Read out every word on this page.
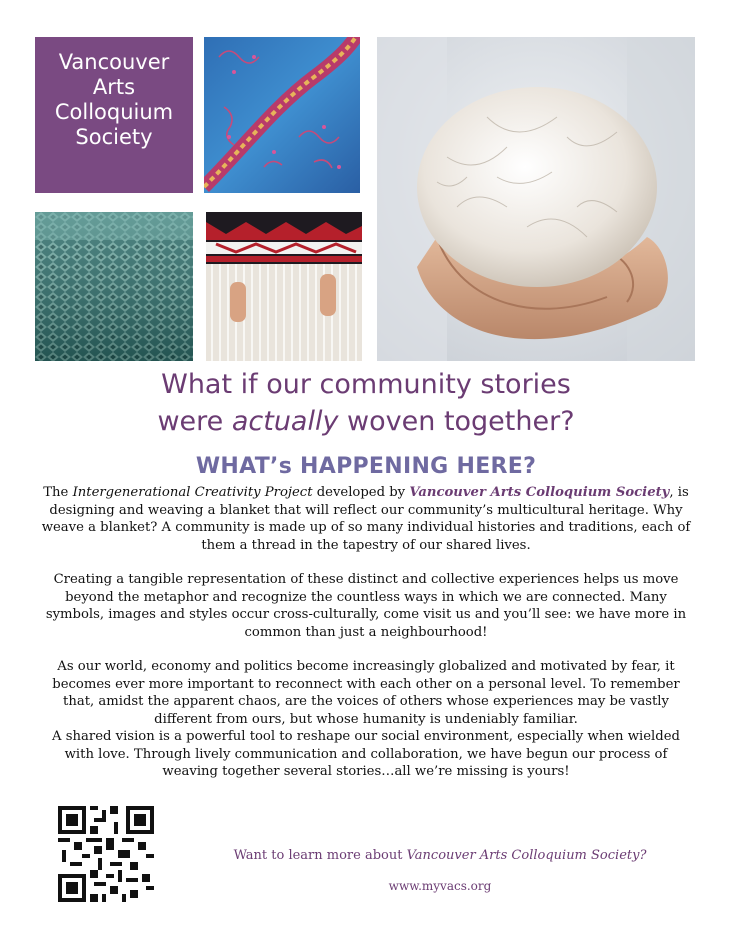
Vancouver
Arts
Colloquium
Society
What if our community stories
were actually woven together?
WHAT’s HAPPENING HERE?

The Intergenerational Creativity Project developed by Vancouver Arts Colloquium Society, is designing and weaving a blanket that will reflect our community’s multicultural heritage. Why weave a blanket? A community is made up of so many individual histories and traditions, each of them a thread in the tapestry of our shared lives.

Creating a tangible representation of these distinct and collective experiences helps us move beyond the metaphor and recognize the countless ways in which we are connected. Many symbols, images and styles occur cross-culturally, come visit us and you’ll see: we have more in common than just a neighbourhood!

As our world, economy and politics become increasingly globalized and motivated by fear, it becomes ever more important to reconnect with each other on a personal level. To remember that, amidst the apparent chaos, are the voices of others whose experiences may be vastly different from ours, but whose humanity is undeniably familiar.

A shared vision is a powerful tool to reshape our social environment, especially when wielded with love. Through lively communication and collaboration, we have begun our process of weaving together several stories…all we’re missing is yours!

Want to learn more about Vancouver Arts Colloquium Society?
www.myvacs.org
